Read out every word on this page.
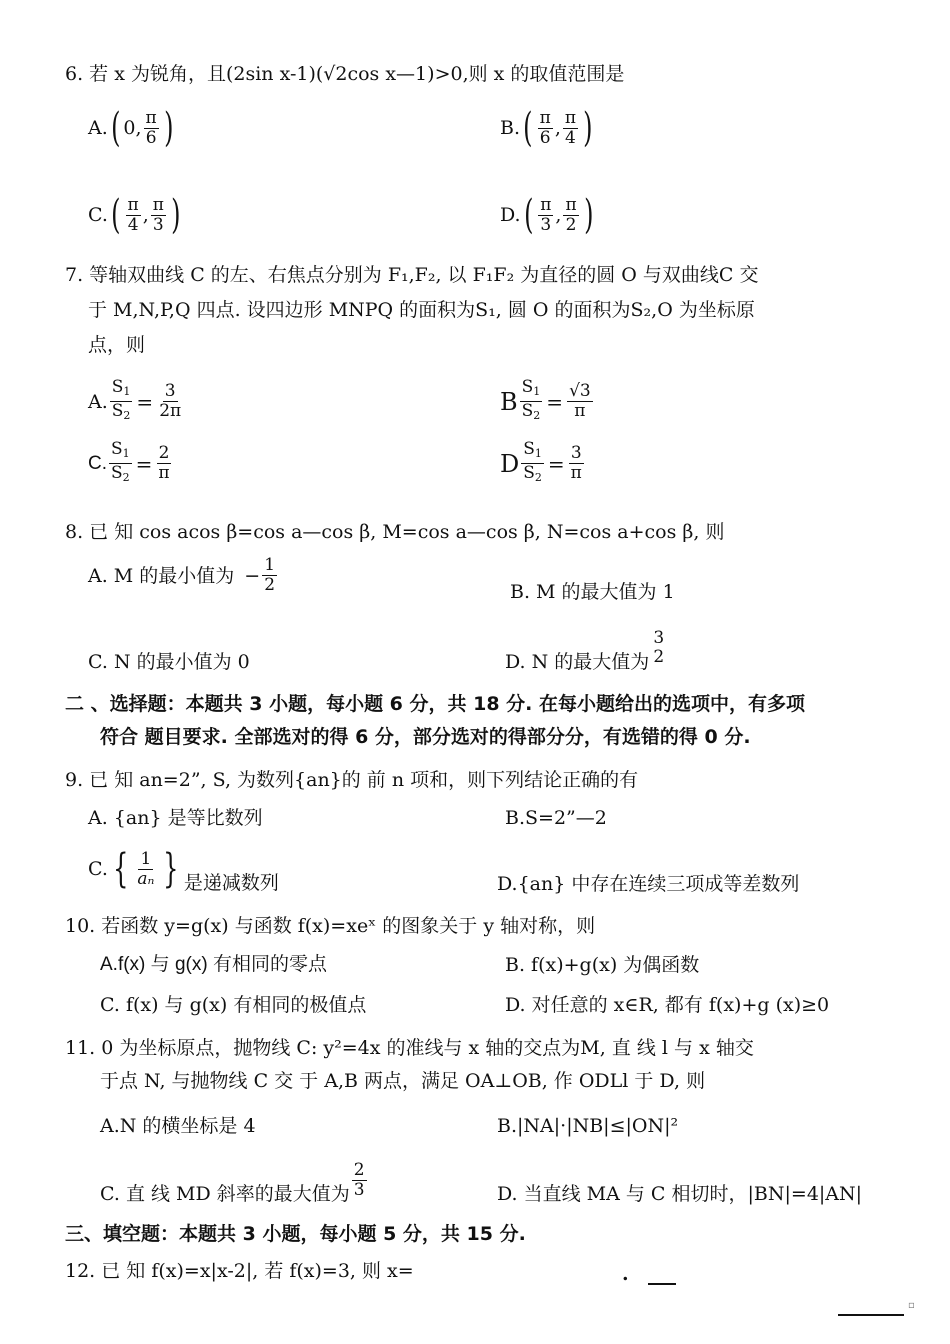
6. 若 x 为锐角，且(2sin x-1)(√2cos x—1)>0,则 x 的取值范围是
A. ( 0 , $\frac{\pi}{6}$ )	B. ( $\frac{\pi}{6}$ , $\frac{\pi}{4}$ )
C. ( $\frac{\pi}{4}$ , $\frac{\pi}{3}$ )	D. ( $\frac{\pi}{3}$ , $\frac{\pi}{2}$ )
7. 等轴双曲线 C 的左、右焦点分别为 F₁,F₂, 以 F₁F₂ 为直径的圆 O 与双曲线C 交
于 M,N,P,Q 四点. 设四边形 MNPQ 的面积为S₁, 圆 O 的面积为S₂,O 为坐标原
点，则
A. $\frac{S_1}{S_2} = \frac{3}{2\pi}$	B $\frac{S_1}{S_2} = \frac{√3}{\pi}$
C. $\frac{S_1}{S_2} = \frac{2}{\pi}$	D $\frac{S_1}{S_2} = \frac{3}{\pi}$
8. 已 知 cos acos β=cos a—cos β, M=cos a—cos β, N=cos a+cos β, 则
A. M 的最小值为 − $\frac{1}{2}$	B. M 的最大值为 1
C. N 的最小值为 0	D. N 的最大值为
3
2
二 、选择题：本题共 3 小题，每小题 6 分，共 18 分. 在每小题给出的选项中，有多项
符合 题目要求. 全部选对的得 6 分，部分选对的得部分分，有选错的得 0 分.
9. 已 知 an=2”, S, 为数列{an}的 前 n 项和，则下列结论正确的有
A. {an} 是等比数列	B.S=2”—2
C. { $\frac{1}{\text{aₙ}}$ } 是递减数列	D.{an} 中存在连续三项成等差数列
10. 若函数 y=g(x) 与函数 f(x)=xeˣ 的图象关于 y 轴对称，则
A.f(x) 与 g(x) 有相同的零点	B. f(x)+g(x) 为偶函数
C. f(x) 与 g(x) 有相同的极值点	D. 对任意的 x∈R, 都有 f(x)+g (x)≥0
11. 0 为坐标原点，抛物线 C: y²=4x 的准线与 x 轴的交点为M, 直 线 l 与 x 轴交
于点 N, 与抛物线 C 交 于 A,B 两点，满足 OA⊥OB, 作 ODLl 于 D, 则
A.N 的横坐标是 4	B.|NA|·|NB|≤|ON|²
C. 直 线 MD 斜率的最大值为 $\frac{2}{3}$	D. 当直线 MA 与 C 相切时，|BN|=4|AN|
三、填空题：本题共 3 小题，每小题 5 分，共 15 分.
12. 已 知 f(x)=x|x-2|, 若 f(x)=3, 则 x=	.
▫
